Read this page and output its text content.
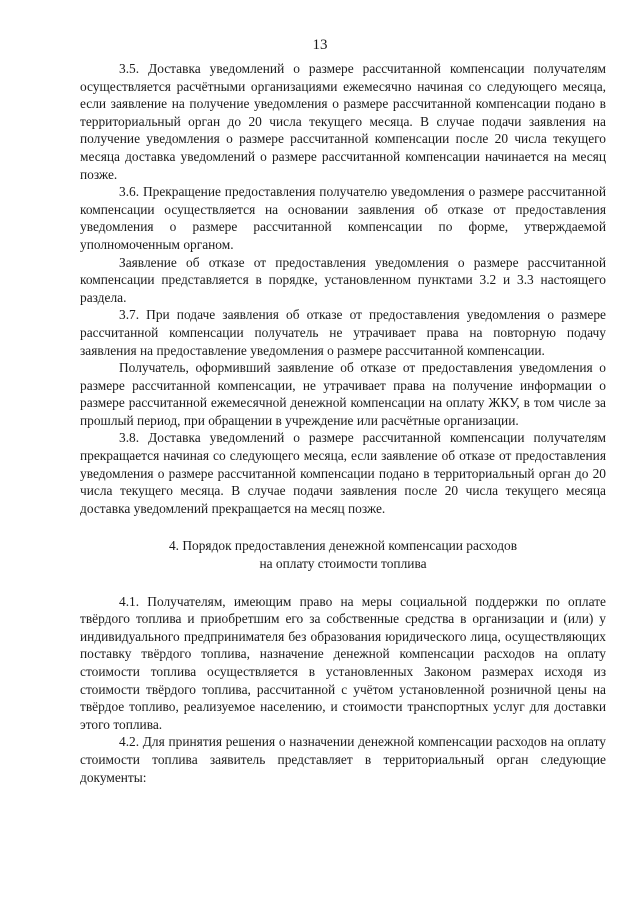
13

3.5. Доставка уведомлений о размере рассчитанной компенсации получателям осуществляется расчётными организациями ежемесячно начиная со следующего месяца, если заявление на получение уведомления о размере рассчитанной компенсации подано в территориальный орган до 20 числа текущего месяца. В случае подачи заявления на получение уведомления о размере рассчитанной компенсации после 20 числа текущего месяца доставка уведомлений о размере рассчитанной компенсации начинается на месяц позже.

3.6. Прекращение предоставления получателю уведомления о размере рассчитанной компенсации осуществляется на основании заявления об отказе от предоставления уведомления о размере рассчитанной компенсации по форме, утверждаемой уполномоченным органом.

Заявление об отказе от предоставления уведомления о размере рассчитанной компенсации представляется в порядке, установленном пунктами 3.2 и 3.3 настоящего раздела.

3.7. При подаче заявления об отказе от предоставления уведомления о размере рассчитанной компенсации получатель не утрачивает права на повторную подачу заявления на предоставление уведомления о размере рассчитанной компенсации.

Получатель, оформивший заявление об отказе от предоставления уведомления о размере рассчитанной компенсации, не утрачивает права на получение информации о размере рассчитанной ежемесячной денежной компенсации на оплату ЖКУ, в том числе за прошлый период, при обращении в учреждение или расчётные организации.

3.8. Доставка уведомлений о размере рассчитанной компенсации получателям прекращается начиная со следующего месяца, если заявление об отказе от предоставления уведомления о размере рассчитанной компенсации подано в территориальный орган до 20 числа текущего месяца. В случае подачи заявления после 20 числа текущего месяца доставка уведомлений прекращается на месяц позже.

4. Порядок предоставления денежной компенсации расходов
на оплату стоимости топлива

4.1. Получателям, имеющим право на меры социальной поддержки по оплате твёрдого топлива и приобретшим его за собственные средства в организации и (или) у индивидуального предпринимателя без образования юридического лица, осуществляющих поставку твёрдого топлива, назначение денежной компенсации расходов на оплату стоимости топлива осуществляется в установленных Законом размерах исходя из стоимости твёрдого топлива, рассчитанной с учётом установленной розничной цены на твёрдое топливо, реализуемое населению, и стоимости транспортных услуг для доставки этого топлива.

4.2. Для принятия решения о назначении денежной компенсации расходов на оплату стоимости топлива заявитель представляет в территориальный орган следующие документы:
